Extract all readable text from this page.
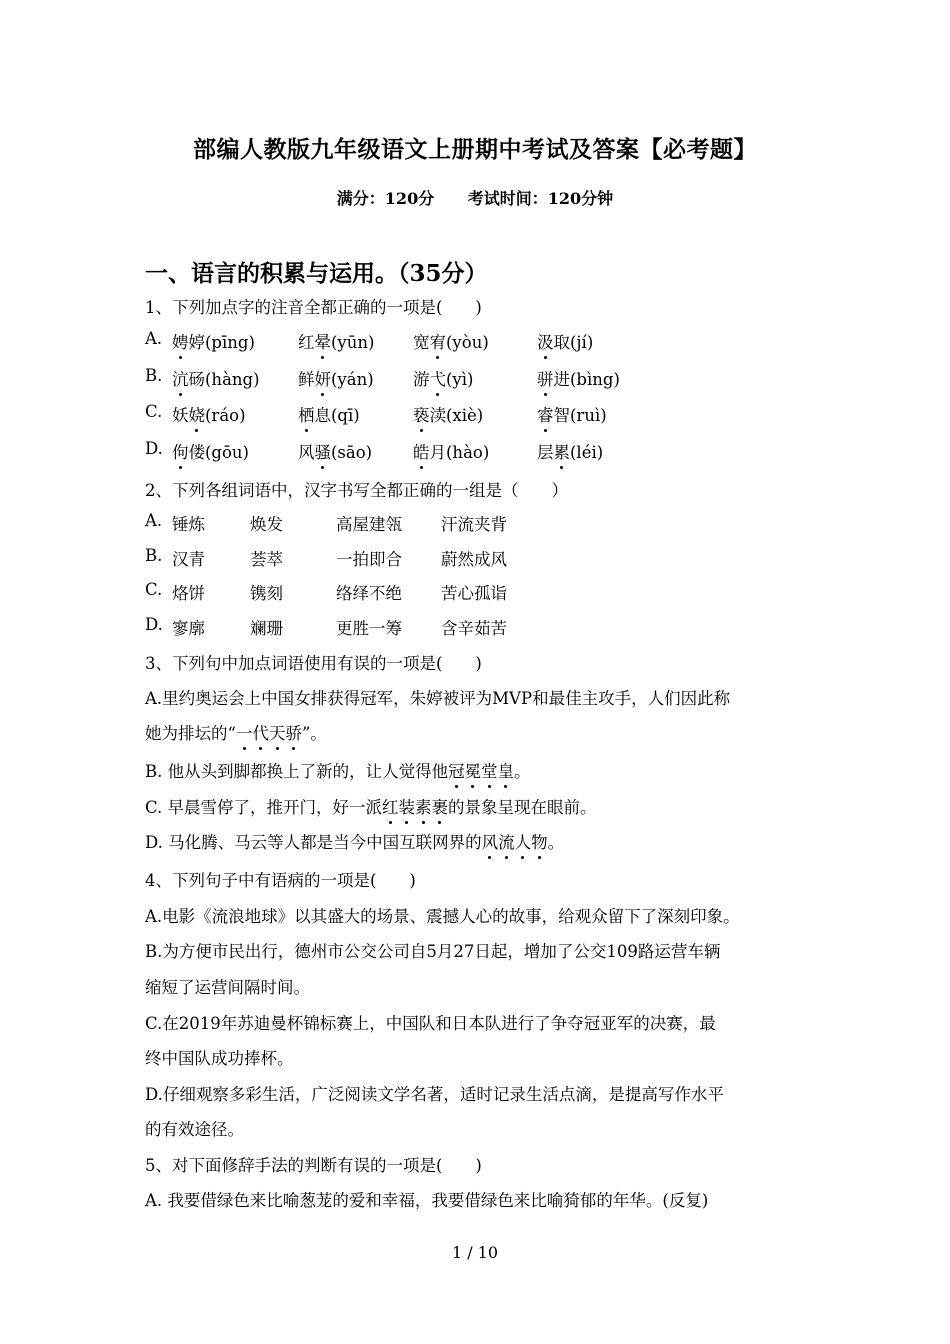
部编人教版九年级语文上册期中考试及答案【必考题】
满分：120分 考试时间：120分钟
一、语言的积累与运用。（35分）
1、下列加点字的注音全都正确的一项是(　　)
A. 娉婷(pīng)	红晕(yūn) 宽宥(yòu)	汲取(jí)
B. 沆砀(hàng) 鲜妍(yán) 游弋(yì)	骈进(bìng)
C. 妖娆(ráo)	栖息(qī)	亵渎(xiè)	睿智(ruì)
D. 佝偻(gōu)	风骚(sāo) 皓月(hào)	层累(léi)
2、下列各组词语中，汉字书写全都正确的一组是（　　）
A. 锤炼	焕发	高屋建瓴 汗流夹背
B. 汉青	荟萃	一拍即合 蔚然成风
C. 烙饼	镌刻	络绎不绝 苦心孤诣
D. 寥廓	斓珊	更胜一筹 含辛茹苦
3、下列句中加点词语使用有误的一项是(　　)
A.里约奥运会上中国女排获得冠军，朱婷被评为MVP和最佳主攻手，人们因此称
她为排坛的“一代天骄”。
B. 他从头到脚都换上了新的，让人觉得他冠冕堂皇。
C. 早晨雪停了，推开门，好一派红装素裹的景象呈现在眼前。
D. 马化腾、马云等人都是当今中国互联网界的风流人物。
4、下列句子中有语病的一项是(　　)
A.电影《流浪地球》以其盛大的场景、震撼人心的故事，给观众留下了深刻印象。
B.为方便市民出行，德州市公交公司自5月27日起，增加了公交109路运营车辆
缩短了运营间隔时间。
C.在2019年苏迪曼杯锦标赛上，中国队和日本队进行了争夺冠亚军的决赛，最
终中国队成功捧杯。
D.仔细观察多彩生活，广泛阅读文学名著，适时记录生活点滴，是提高写作水平
的有效途径。
5、对下面修辞手法的判断有误的一项是(　　)
A. 我要借绿色来比喻葱茏的爱和幸福，我要借绿色来比喻猗郁的年华。(反复)
1 / 10
